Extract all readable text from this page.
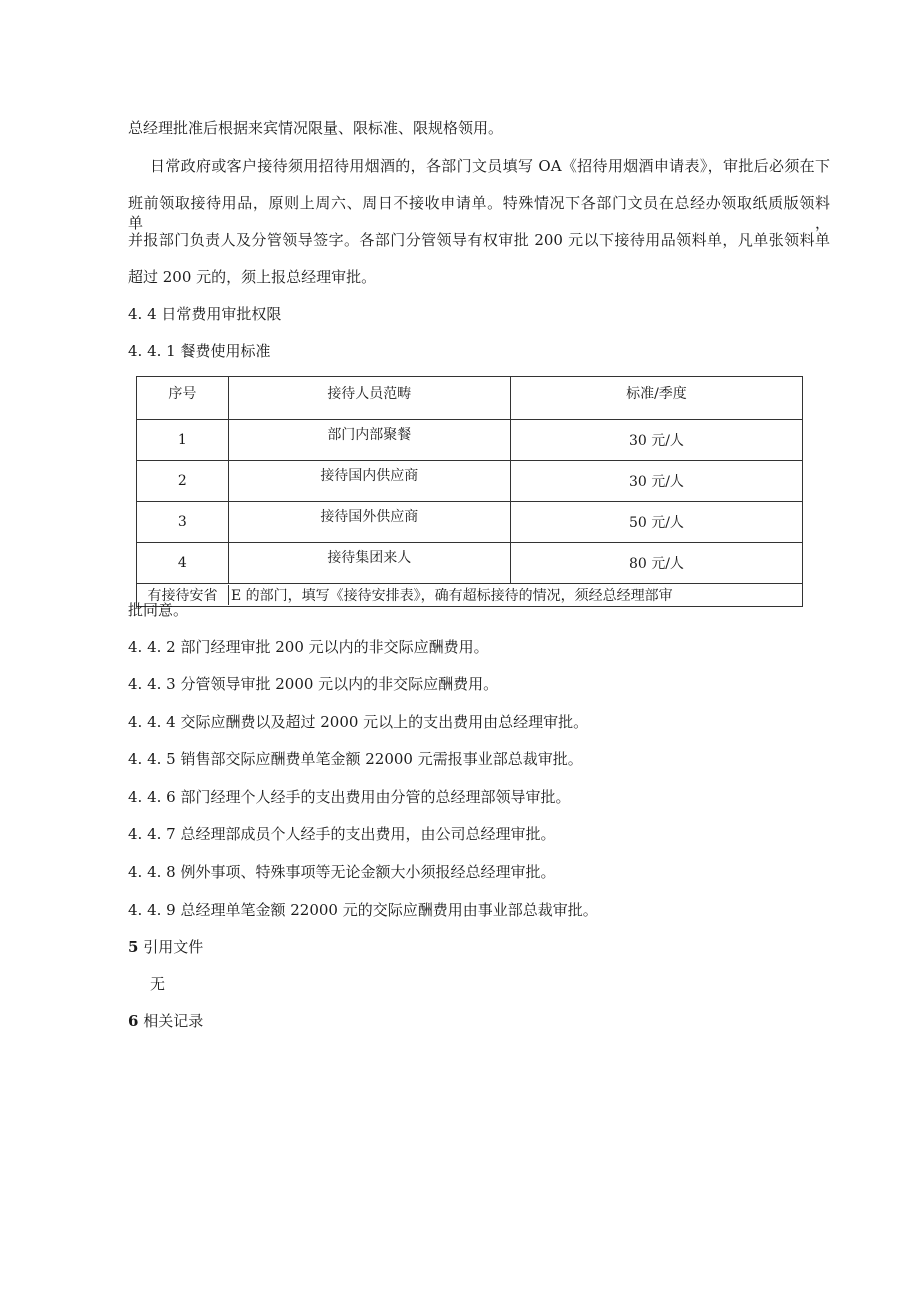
总经理批准后根据来宾情况限量、限标准、限规格领用。
日常政府或客户接待须用招待用烟酒的，各部门文员填写 OA《招待用烟酒申请表》，审批后必须在下
班前领取接待用品，原则上周六、周日不接收申请单。特殊情况下各部门文员在总经办领取纸质版领料单，
并报部门负责人及分管领导签字。各部门分管领导有权审批 200 元以下接待用品领料单，凡单张领料单
超过 200 元的，须上报总经理审批。
4. 4 日常费用审批权限
4. 4. 1 餐费使用标准
序号	接待人员范畴	标准/季度
1	部门内部聚餐	30 元/人
2	接待国内供应商	30 元/人
3	接待国外供应商	50 元/人
4	接待集团来人	80 元/人
有接待安省 E 的部门，填写《接待安排表》，确有超标接待的情况，须经总经理部审		
批同意。
4. 4. 2 部门经理审批 200 元以内的非交际应酬费用。
4. 4. 3 分管领导审批 2000 元以内的非交际应酬费用。
4. 4. 4 交际应酬费以及超过 2000 元以上的支出费用由总经理审批。
4. 4. 5 销售部交际应酬费单笔金额 22000 元需报事业部总裁审批。
4. 4. 6 部门经理个人经手的支出费用由分管的总经理部领导审批。
4. 4. 7 总经理部成员个人经手的支出费用，由公司总经理审批。
4. 4. 8 例外事项、特殊事项等无论金额大小须报经总经理审批。
4. 4. 9 总经理单笔金额 22000 元的交际应酬费用由事业部总裁审批。
5 引用文件
无
6 相关记录
